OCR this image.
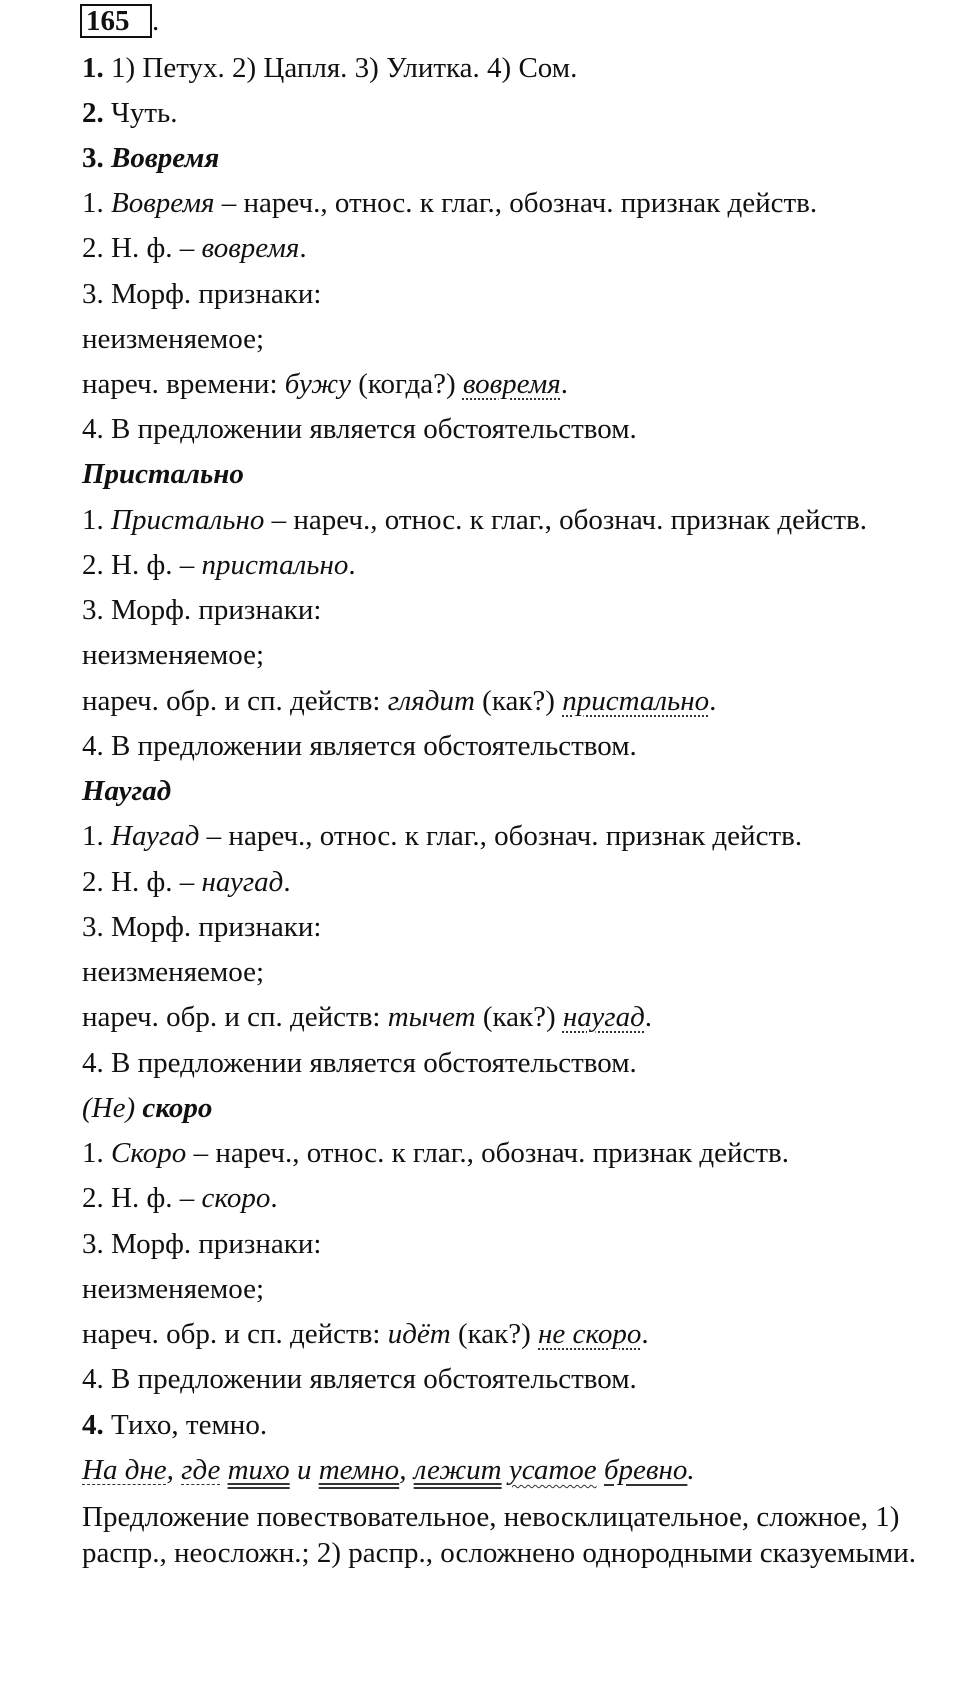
165 .
1. 1) Петух. 2) Цапля. 3) Улитка. 4) Сом.
2. Чуть.
3. Вовремя
1. Вовремя – нареч., относ. к глаг., обознач. признак действ.
2. Н. ф. – вовремя.
3. Морф. признаки:
неизменяемое;
нареч. времени: бужу (когда?) вовремя.
4. В предложении является обстоятельством.
Пристально
1. Пристально – нареч., относ. к глаг., обознач. признак действ.
2. Н. ф. – пристально.
3. Морф. признаки:
неизменяемое;
нареч. обр. и сп. действ: глядит (как?) пристально.
4. В предложении является обстоятельством.
Наугад
1. Наугад – нареч., относ. к глаг., обознач. признак действ.
2. Н. ф. – наугад.
3. Морф. признаки:
неизменяемое;
нареч. обр. и сп. действ: тычет (как?) наугад.
4. В предложении является обстоятельством.
(Не) скоро
1. Скоро – нареч., относ. к глаг., обознач. признак действ.
2. Н. ф. – скоро.
3. Морф. признаки:
неизменяемое;
нареч. обр. и сп. действ: идёт (как?) не скоро.
4. В предложении является обстоятельством.
4. Тихо, темно.
На дне, где тихо и темно, лежит усатое бревно.
Предложение повествовательное, невосклицательное, сложное, 1) распр., неосложн.; 2) распр., осложнено однородными сказуемыми.
